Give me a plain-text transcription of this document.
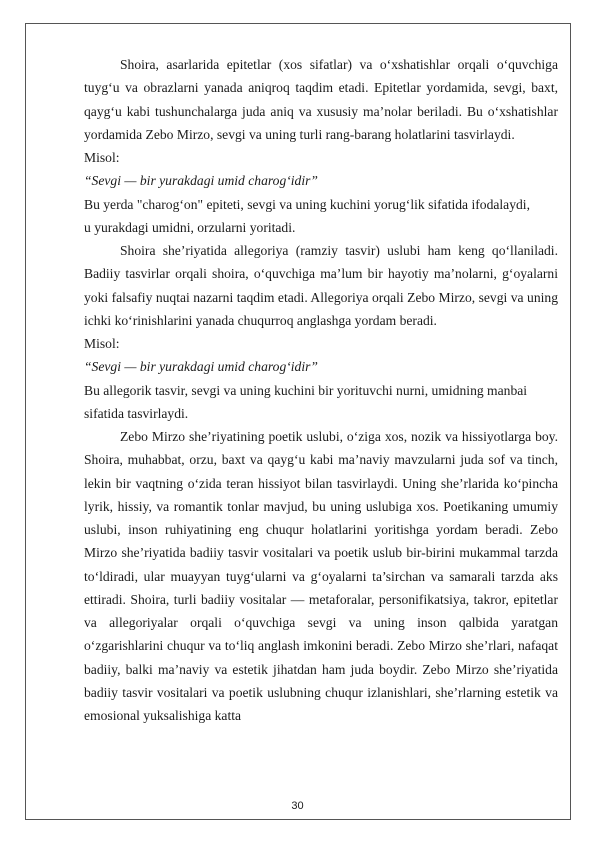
Shoira, asarlarida epitetlar (xos sifatlar) va o‘xshatishlar orqali o‘quvchiga tuyg‘u va obrazlarni yanada aniqroq taqdim etadi. Epitetlar yordamida, sevgi, baxt, qayg‘u kabi tushunchalarga juda aniq va xususiy ma’nolar beriladi. Bu o‘xshatishlar yordamida Zebo Mirzo, sevgi va uning turli rang-barang holatlarini tasvirlaydi.

Misol:

“Sevgi — bir yurakdagi umid charog‘idir”

Bu yerda "charog‘on" epiteti, sevgi va uning kuchini yorug‘lik sifatida ifodalaydi,

u yurakdagi umidni, orzularni yoritadi.

Shoira she’riyatida allegoriya (ramziy tasvir) uslubi ham keng qo‘llaniladi. Badiiy tasvirlar orqali shoira, o‘quvchiga ma’lum bir hayotiy ma’nolarni, g‘oyalarni yoki falsafiy nuqtai nazarni taqdim etadi. Allegoriya orqali Zebo Mirzo, sevgi va uning ichki ko‘rinishlarini yanada chuqurroq anglashga yordam beradi.

Misol:

“Sevgi — bir yurakdagi umid charog‘idir”

Bu allegorik tasvir, sevgi va uning kuchini bir yorituvchi nurni, umidning manbai

sifatida tasvirlaydi.

Zebo Mirzo she’riyatining poetik uslubi, o‘ziga xos, nozik va hissiyotlarga boy. Shoira, muhabbat, orzu, baxt va qayg‘u kabi ma’naviy mavzularni juda sof va tinch, lekin bir vaqtning o‘zida teran hissiyot bilan tasvirlaydi. Uning she’rlarida ko‘pincha lyrik, hissiy, va romantik tonlar mavjud, bu uning uslubiga xos. Poetikaning umumiy uslubi, inson ruhiyatining eng chuqur holatlarini yoritishga yordam beradi. Zebo Mirzo she’riyatida badiiy tasvir vositalari va poetik uslub bir-birini mukammal tarzda to‘ldiradi, ular muayyan tuyg‘ularni va g‘oyalarni ta’sirchan va samarali tarzda aks ettiradi. Shoira, turli badiiy vositalar — metaforalar, personifikatsiya, takror, epitetlar va allegoriyalar orqali o‘quvchiga sevgi va uning inson qalbida yaratgan o‘zgarishlarini chuqur va to‘liq anglash imkonini beradi. Zebo Mirzo she’rlari, nafaqat badiiy, balki ma’naviy va estetik jihatdan ham juda boydir. Zebo Mirzo she’riyatida badiiy tasvir vositalari va poetik uslubning chuqur izlanishlari, she’rlarning estetik va emosional yuksalishiga katta

30
